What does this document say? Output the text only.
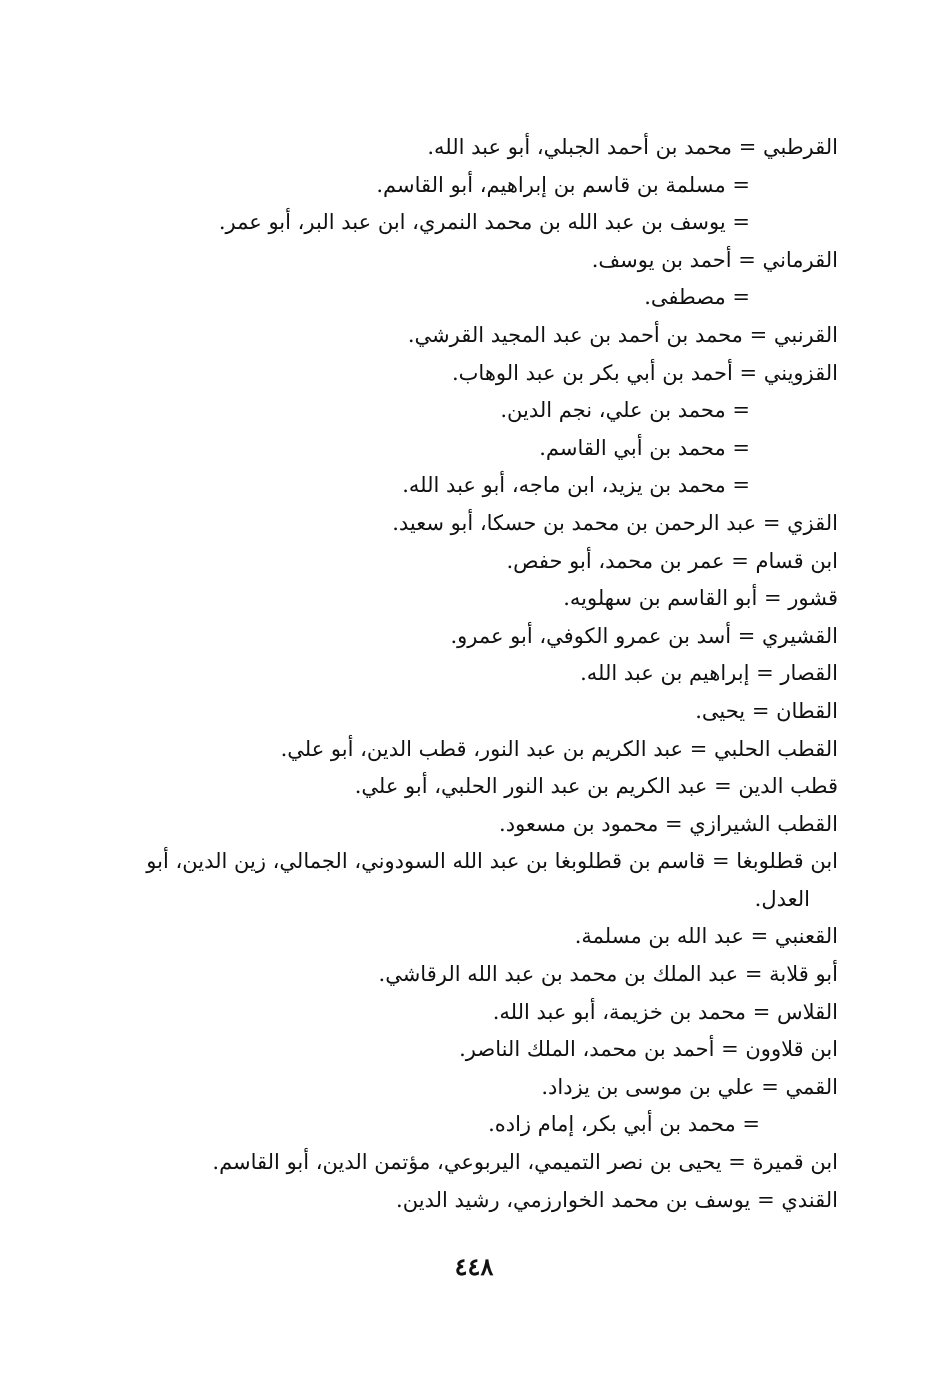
القرطبي = محمد بن أحمد الجبلي، أبو عبد الله.
= مسلمة بن قاسم بن إبراهيم، أبو القاسم.
= يوسف بن عبد الله بن محمد النمري، ابن عبد البر، أبو عمر.
القرماني = أحمد بن يوسف.
= مصطفى.
القرنبي = محمد بن أحمد بن عبد المجيد القرشي.
القزويني = أحمد بن أبي بكر بن عبد الوهاب.
= محمد بن علي، نجم الدين.
= محمد بن أبي القاسم.
= محمد بن يزيد، ابن ماجه، أبو عبد الله.
القزي = عبد الرحمن بن محمد بن حسكا، أبو سعيد.
ابن قسام = عمر بن محمد، أبو حفص.
قشور = أبو القاسم بن سهلويه.
القشيري = أسد بن عمرو الكوفي، أبو عمرو.
القصار = إبراهيم بن عبد الله.
القطان = يحيى.
القطب الحلبي = عبد الكريم بن عبد النور، قطب الدين، أبو علي.
قطب الدين = عبد الكريم بن عبد النور الحلبي، أبو علي.
القطب الشيرازي = محمود بن مسعود.
ابن قطلوبغا = قاسم بن قطلوبغا بن عبد الله السودوني، الجمالي، زين الدين، أبو
العدل.
القعنبي = عبد الله بن مسلمة.
أبو قلابة = عبد الملك بن محمد بن عبد الله الرقاشي.
القلاس = محمد بن خزيمة، أبو عبد الله.
ابن قلاوون = أحمد بن محمد، الملك الناصر.
القمي = علي بن موسى بن يزداد.
= محمد بن أبي بكر، إمام زاده.
ابن قميرة = يحيى بن نصر التميمي، اليربوعي، مؤتمن الدين، أبو القاسم.
القندي = يوسف بن محمد الخوارزمي، رشيد الدين.
٤٤٨
